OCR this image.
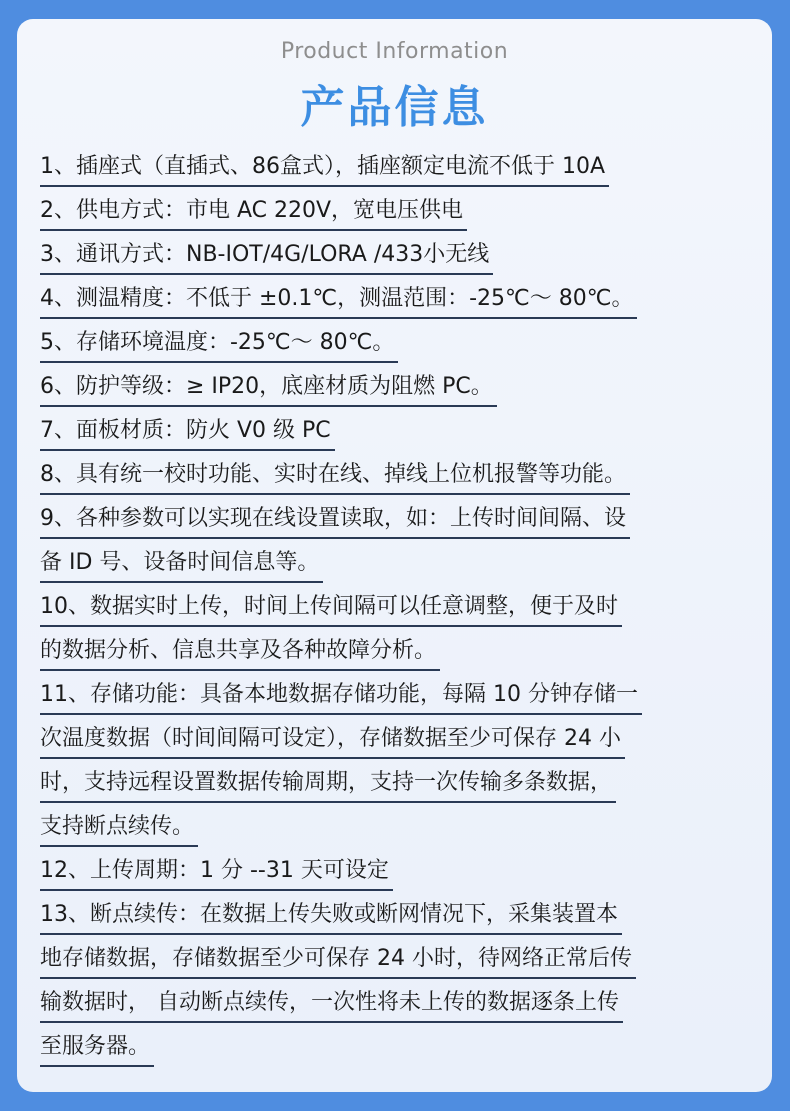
Product Information
产品信息
1、插座式（直插式、86盒式），插座额定电流不低于 10A
2、供电方式：市电 AC 220V，宽电压供电
3、通讯方式：NB-IOT/4G/LORA /433小无线
4、测温精度：不低于 ±0.1℃，测温范围：-25℃～ 80℃。
5、存储环境温度：-25℃～ 80℃。
6、防护等级：≥ IP20，底座材质为阻燃 PC。
7、面板材质：防火 V0 级 PC
8、具有统一校时功能、实时在线、掉线上位机报警等功能。
9、各种参数可以实现在线设置读取，如：上传时间间隔、设
备 ID 号、设备时间信息等。
10、数据实时上传，时间上传间隔可以任意调整，便于及时
的数据分析、信息共享及各种故障分析。
11、存储功能：具备本地数据存储功能，每隔 10 分钟存储一
次温度数据（时间间隔可设定），存储数据至少可保存 24 小
时，支持远程设置数据传输周期，支持一次传输多条数据，
支持断点续传。
12、上传周期：1 分 --31 天可设定
13、断点续传：在数据上传失败或断网情况下，采集装置本
地存储数据，存储数据至少可保存 24 小时，待网络正常后传
输数据时， 自动断点续传，一次性将未上传的数据逐条上传
至服务器。
